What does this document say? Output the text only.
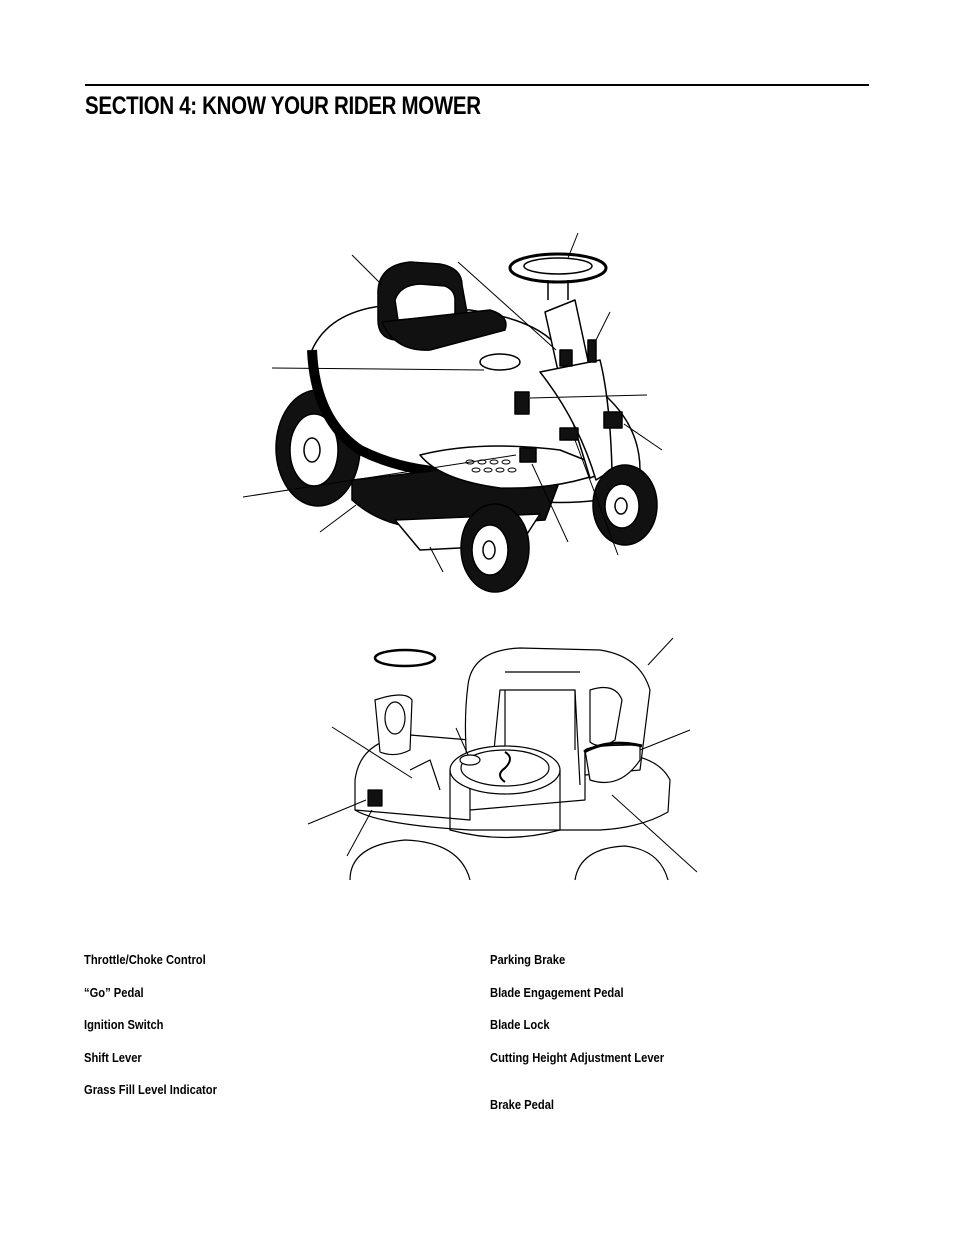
SECTION 4: KNOW YOUR RIDER MOWER
Throttle/Choke Control
“Go” Pedal
Ignition Switch
Shift Lever
Grass Fill Level Indicator
Parking Brake
Blade Engagement Pedal
Blade Lock
Cutting Height Adjustment Lever
Brake Pedal
